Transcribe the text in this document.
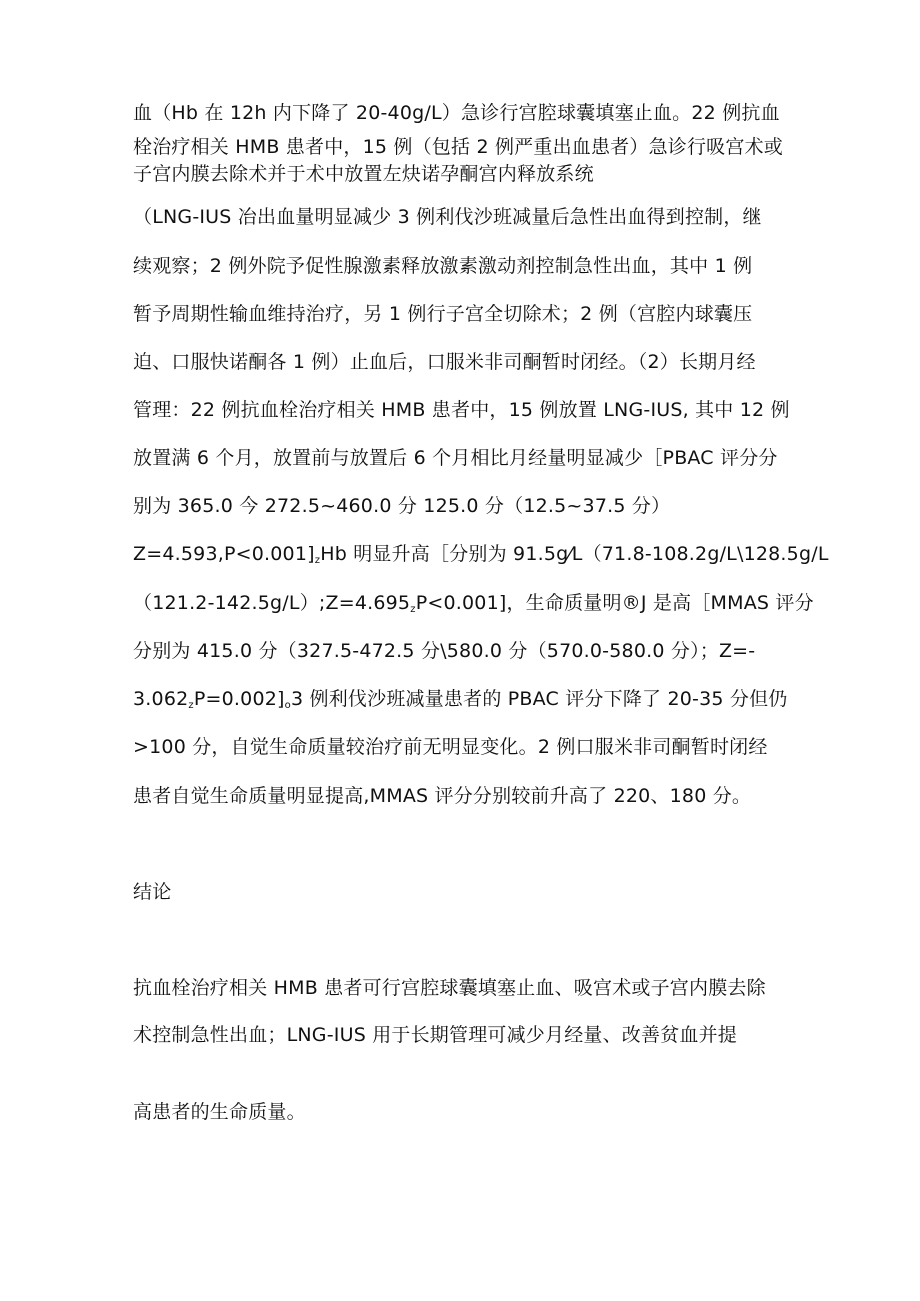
血（Hb 在 12h 内下降了 20-40g/L）急诊行宫腔球囊填塞止血。22 例抗血
栓治疗相关 HMB 患者中，15 例（包括 2 例严重出血患者）急诊行吸宫术或
子宫内膜去除术并于术中放置左炔诺孕酮宫内释放系统
（LNG-IUS 冶出血量明显减少 3 例利伐沙班减量后急性出血得到控制，继
续观察；2 例外院予促性腺激素释放激素激动剂控制急性出血，其中 1 例
暂予周期性输血维持治疗，另 1 例行子宫全切除术；2 例（宫腔内球囊压
迫、口服快诺酮各 1 例）止血后，口服米非司酮暂时闭经。（2）长期月经
管理：22 例抗血栓治疗相关 HMB 患者中，15 例放置 LNG-IUS, 其中 12 例
放置满 6 个月，放置前与放置后 6 个月相比月经量明显减少［PBAC 评分分
别为 365.0 今 272.5~460.0 分 125.0 分（12.5~37.5 分）
$Z=4.593,P<0.001]_zHb$ 明显升高［分别为 91.5g⁄L（71.8-108.2g/L\128.5g/L
$(121.2-142.5g/L);Z=4.695_zP<0.001$]，生命质量明®J 是高［MMAS 评分
分别为 415.0 分（327.5-472.5 分\580.0 分（570.0-580.0 分）；Z=-
$3.062_zP=0.002]_o3$ 例利伐沙班减量患者的 PBAC 评分下降了 20-35 分但仍
>100 分，自觉生命质量较治疗前无明显变化。2 例口服米非司酮暂时闭经
患者自觉生命质量明显提高,MMAS 评分分别较前升高了 220、180 分。
结论
抗血栓治疗相关 HMB 患者可行宫腔球囊填塞止血、吸宫术或子宫内膜去除
术控制急性出血；LNG-IUS 用于长期管理可减少月经量、改善贫血并提
高患者的生命质量。
